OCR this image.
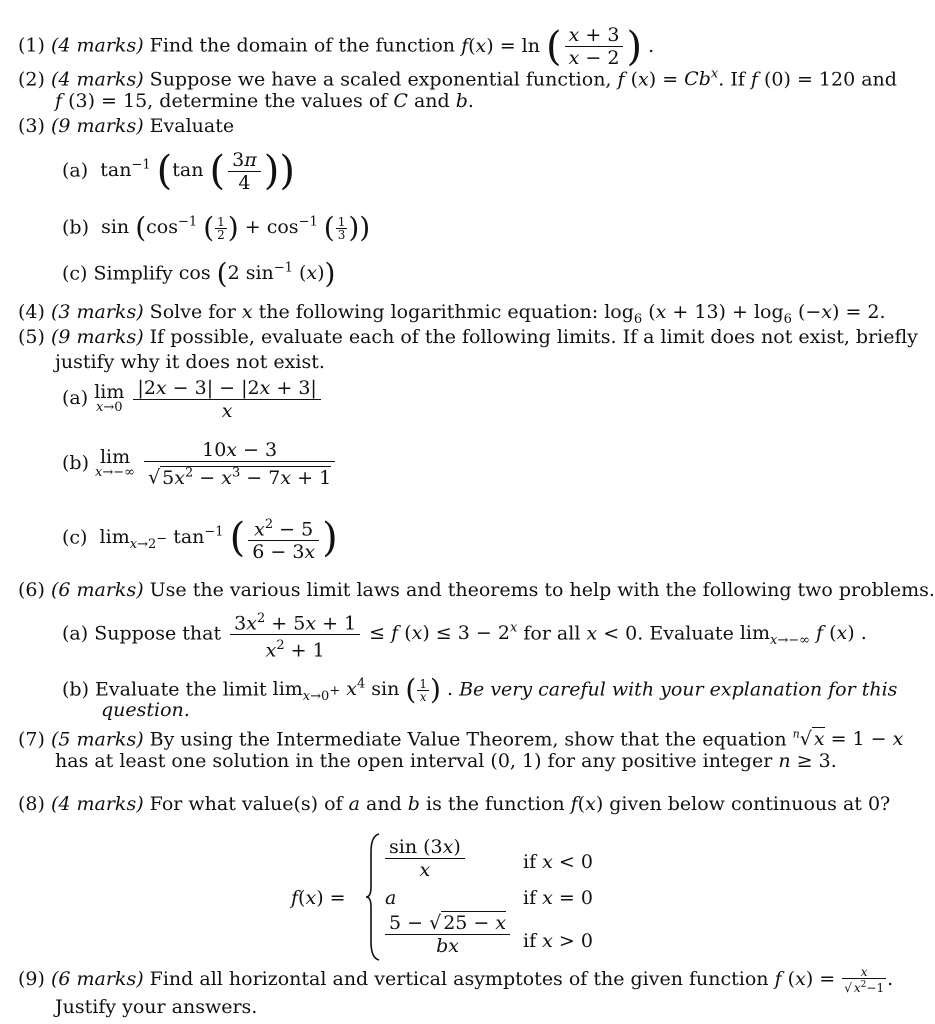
(1) (4 marks) Find the domain of the function f(x) = ln ( $\frac{x + 3}{x - 2}$ ) .
(2) (4 marks) Suppose we have a scaled exponential function, f $(x) = Cb^x$. If f (0) = 120 and
f (3) = 15, determine the values of C and b.
(3) (9 marks) Evaluate
(a)  $\tan^{-1} (\tan$ ( $\frac{3\pi}{4}$ ))
(b)  $\sin (\cos^{-1}$ ( $\frac{1}{2}$ ) + $\cos^{-1}$ ( $\frac{1}{3}$ ))
(c) Simplify cos (2 $\sin^{-1} (x)$)
(4) (3 marks) Solve for x the following logarithmic equation: $\log_6 (x + 13) + \log_6 (-x) = 2$.
(5) (9 marks) If possible, evaluate each of the following limits. If a limit does not exist, briefly
justify why it does not exist.
(a) lim
x→0
$\frac{|2x - 3| - |2x + 3|}{x}$
(b) lim
x→−∞
$\frac{10x - 3}{√ 5x^2 - x^3 - 7x + 1}$
(c)  $\lim_{x\to 2^-} \tan^{-1}$ ( $\frac{x^2 - 5}{6 - 3x}$ )
(6) (6 marks) Use the various limit laws and theorems to help with the following two problems.
(a) Suppose that $\frac{3x^2 + 5x + 1}{x^2 + 1} \le f$ $(x) \le 3 - 2^x$ for all x < 0. Evaluate $\lim_{x\to-\infty} f$ (x) .
(b) Evaluate the limit $\lim_{x\to 0^+} x^4$ sin ( $\frac{1}{x}$ ) . Be very careful with your explanation for this
question.
(7) (5 marks) By using the Intermediate Value Theorem, show that the equation $^n$√ x = 1 − x
has at least one solution in the open interval (0, 1) for any positive integer n ≥ 3.
(8) (4 marks) For what value(s) of a and b is the function f(x) given below continuous at 0?
f(x) =
$\frac{\sin (3x)}{x}$	if x < 0
a	if x = 0
$\frac{5 - √ 25 - x}{bx}$ if x > 0
(9) (6 marks) Find all horizontal and vertical asymptotes of the given function f $(x) = \frac{x}{√ x^2-1}$ .
Justify your answers.
